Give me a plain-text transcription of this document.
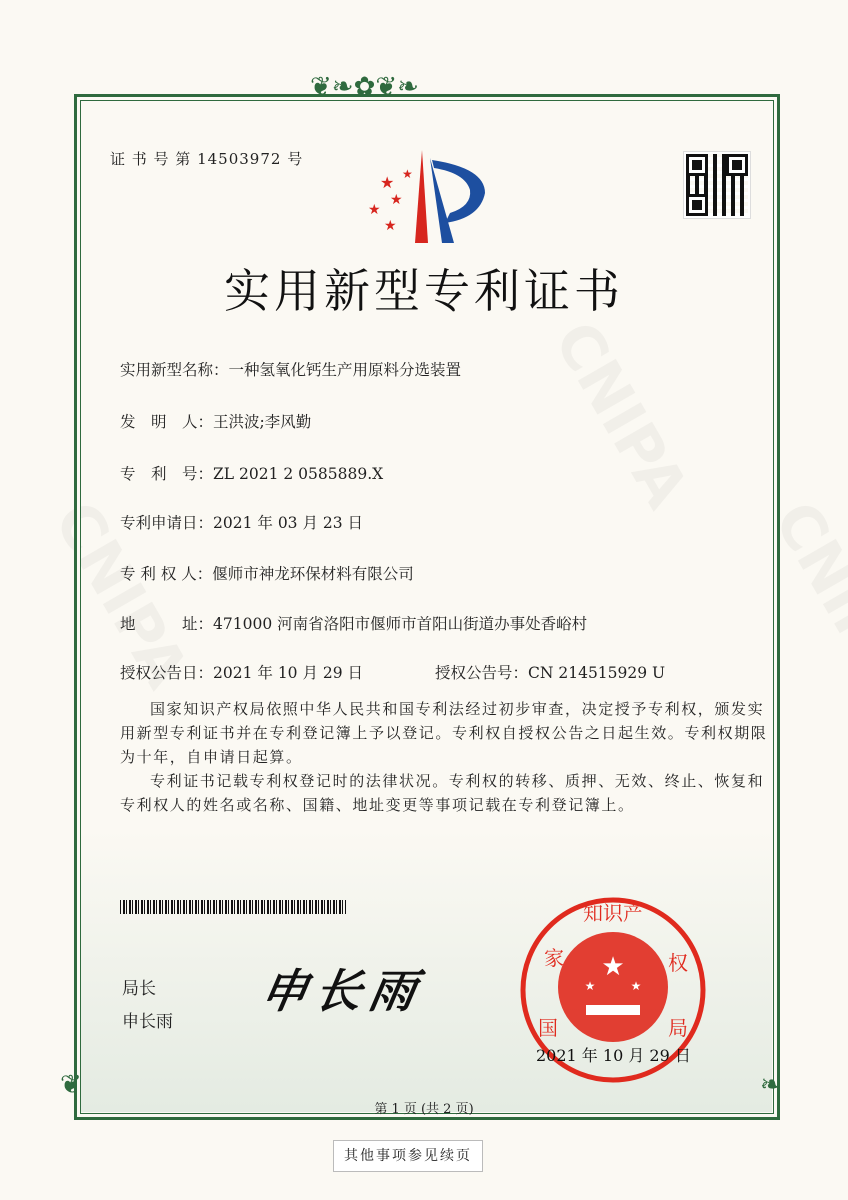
❦❧✿❦❧
❦	❧
证 书 号 第 14503972 号
★
★
★
★
★
实用新型专利证书
实用新型名称：一种氢氧化钙生产用原料分选装置
发　明　人：王洪波;李风勤
专　利　号：ZL 2021 2 0585889.X
专利申请日：2021 年 03 月 23 日
专 利 权 人：偃师市神龙环保材料有限公司
地　　　址：471000 河南省洛阳市偃师市首阳山街道办事处香峪村
授权公告日：2021 年 10 月 29 日	授权公告号：CN 214515929 U
国家知识产权局依照中华人民共和国专利法经过初步审查，决定授予专利权，颁发实用新型专利证书并在专利登记簿上予以登记。专利权自授权公告之日起生效。专利权期限为十年，自申请日起算。
专利证书记载专利权登记时的法律状况。专利权的转移、质押、无效、终止、恢复和专利权人的姓名或名称、国籍、地址变更等事项记载在专利登记簿上。
局长
申长雨
申长雨	★
★	★
知识产
家	权
国	局
2021 年 10 月 29 日
第 1 页 (共 2 页)
其他事项参见续页
